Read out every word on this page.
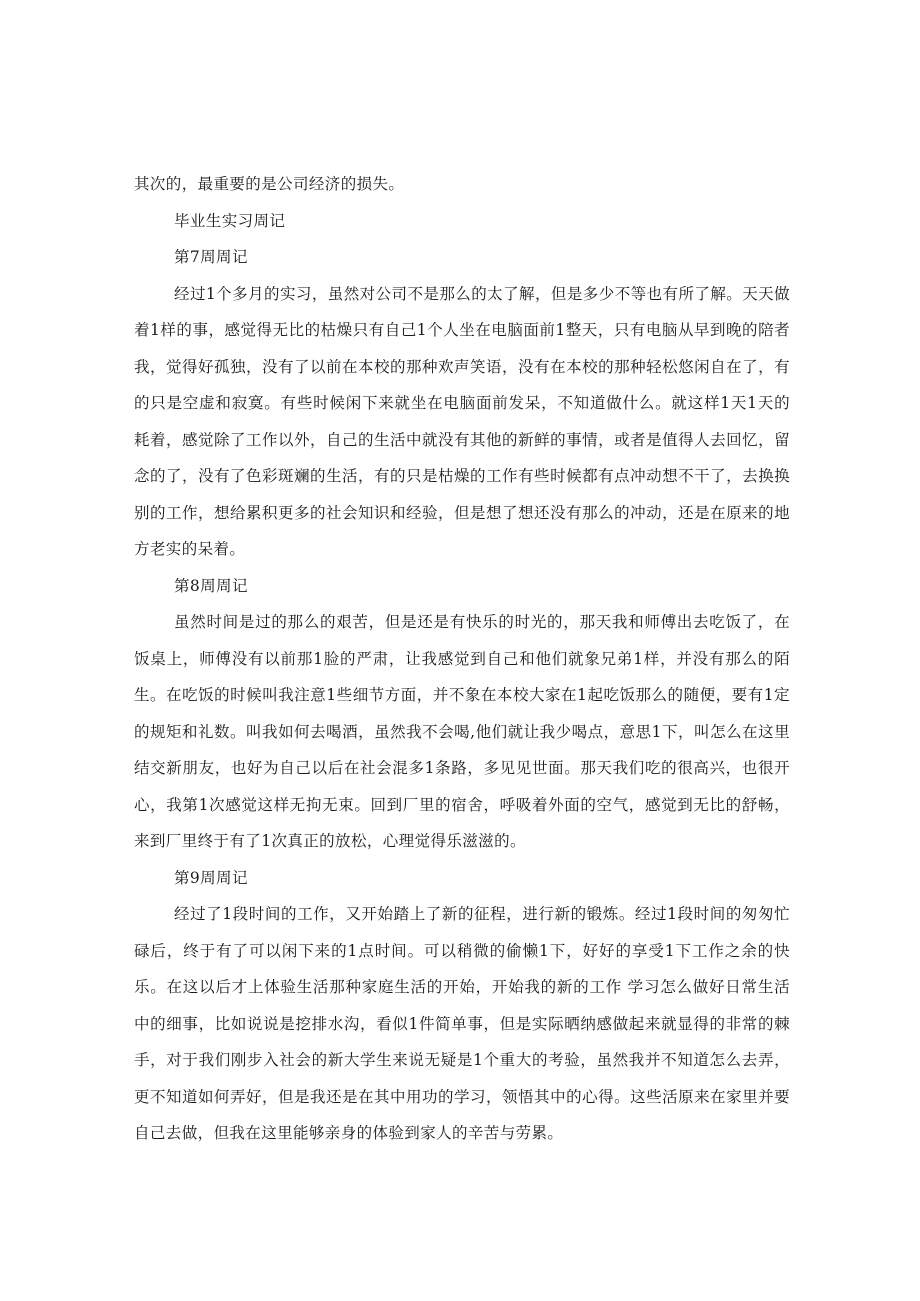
其次的，最重要的是公司经济的损失。

毕业生实习周记

第7周周记

经过1个多月的实习，虽然对公司不是那么的太了解，但是多少不等也有所了解。天天做着1样的事，感觉得无比的枯燥只有自己1个人坐在电脑面前1整天，只有电脑从早到晚的陪者我，觉得好孤独，没有了以前在本校的那种欢声笑语，没有在本校的那种轻松悠闲自在了，有的只是空虚和寂寞。有些时候闲下来就坐在电脑面前发呆，不知道做什么。就这样1天1天的耗着，感觉除了工作以外，自己的生活中就没有其他的新鲜的事情，或者是值得人去回忆，留念的了，没有了色彩斑斓的生活，有的只是枯燥的工作有些时候都有点冲动想不干了，去换换别的工作，想给累积更多的社会知识和经验，但是想了想还没有那么的冲动，还是在原来的地方老实的呆着。

第8周周记

虽然时间是过的那么的艰苦，但是还是有快乐的时光的，那天我和师傅出去吃饭了，在饭桌上，师傅没有以前那1脸的严肃，让我感觉到自己和他们就象兄弟1样，并没有那么的陌生。在吃饭的时候叫我注意1些细节方面，并不象在本校大家在1起吃饭那么的随便，要有1定的规矩和礼数。叫我如何去喝酒，虽然我不会喝,他们就让我少喝点，意思1下，叫怎么在这里结交新朋友，也好为自己以后在社会混多1条路，多见见世面。那天我们吃的很高兴，也很开心，我第1次感觉这样无拘无束。回到厂里的宿舍，呼吸着外面的空气，感觉到无比的舒畅，来到厂里终于有了1次真正的放松，心理觉得乐滋滋的。

第9周周记

经过了1段时间的工作，又开始踏上了新的征程，进行新的锻炼。经过1段时间的匆匆忙碌后，终于有了可以闲下来的1点时间。可以稍微的偷懒1下，好好的享受1下工作之余的快乐。在这以后才上体验生活那种家庭生活的开始，开始我的新的工作 学习怎么做好日常生活中的细事，比如说说是挖排水沟，看似1件简单事，但是实际晒纳感做起来就显得的非常的棘手，对于我们刚步入社会的新大学生来说无疑是1个重大的考验，虽然我并不知道怎么去弄，更不知道如何弄好，但是我还是在其中用功的学习，领悟其中的心得。这些活原来在家里并要自己去做，但我在这里能够亲身的体验到家人的辛苦与劳累。
